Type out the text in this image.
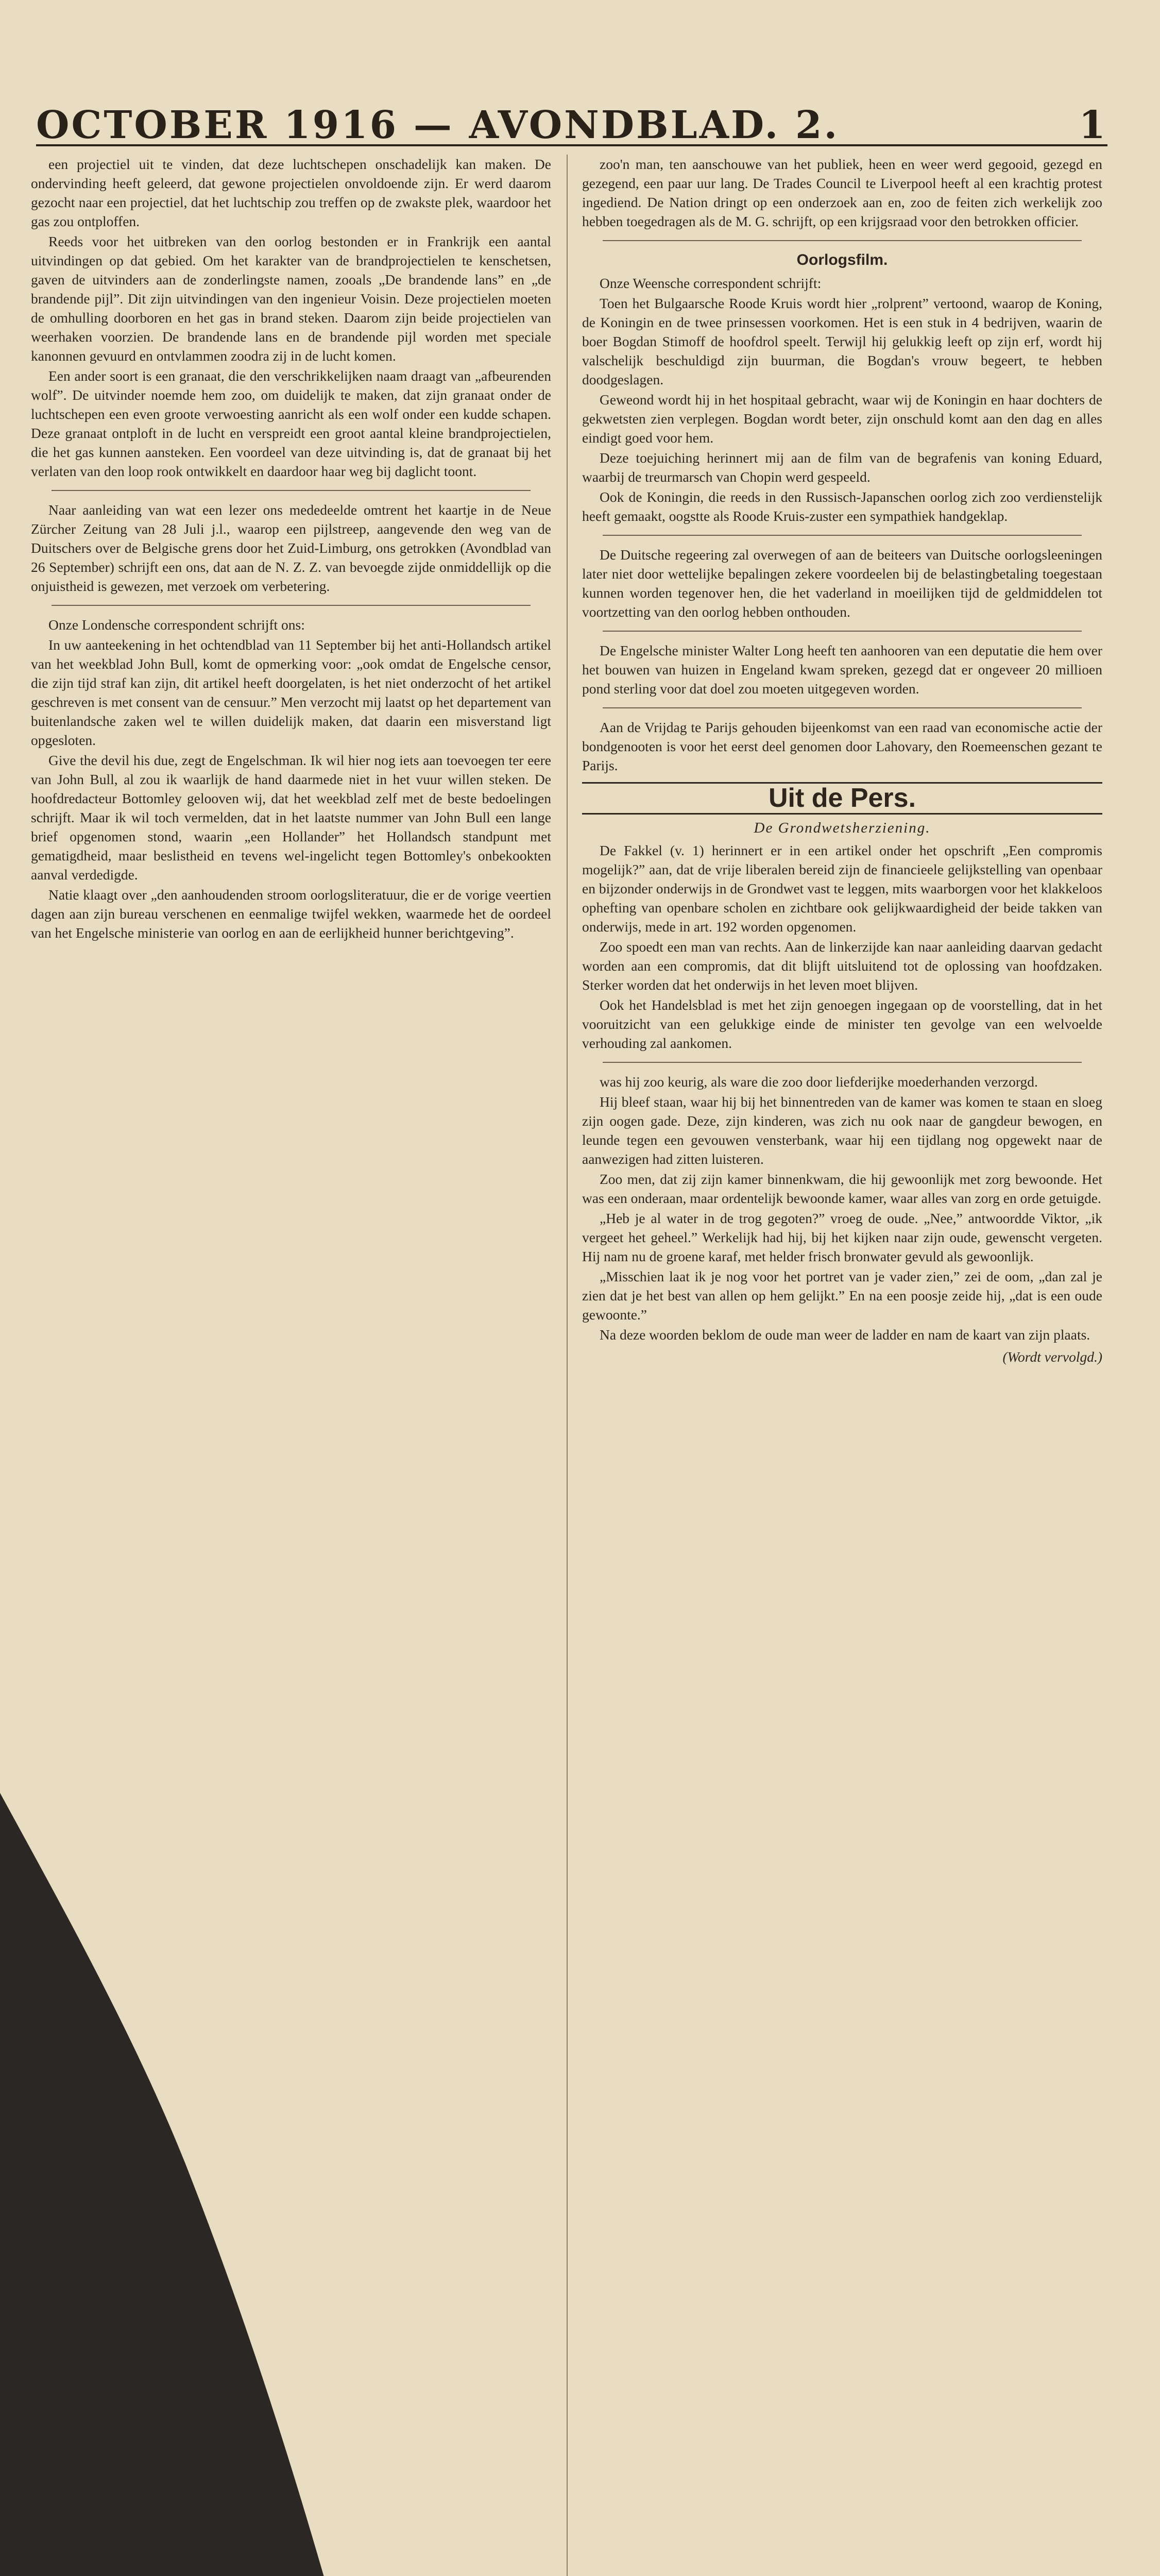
OCTOBER 1916 — AVONDBLAD. 2.	1

een projectiel uit te vinden, dat deze luchtschepen onschadelijk kan maken. De ondervinding heeft geleerd, dat gewone projectielen onvoldoende zijn. Er werd daarom gezocht naar een projectiel, dat het luchtschip zou treffen op de zwakste plek, waardoor het gas zou ontploffen.

Reeds voor het uitbreken van den oorlog bestonden er in Frankrijk een aantal uitvindingen op dat gebied. Om het karakter van de brandprojectielen te kenschetsen, gaven de uitvinders aan de zonderlingste namen, zooals „De brandende lans” en „de brandende pijl”. Dit zijn uitvindingen van den ingenieur Voisin. Deze projectielen moeten de omhulling doorboren en het gas in brand steken. Daarom zijn beide projectielen van weerhaken voorzien. De brandende lans en de brandende pijl worden met speciale kanonnen gevuurd en ontvlammen zoodra zij in de lucht komen.

Een ander soort is een granaat, die den verschrikkelijken naam draagt van „afbeurenden wolf”. De uitvinder noemde hem zoo, om duidelijk te maken, dat zijn granaat onder de luchtschepen een even groote verwoesting aanricht als een wolf onder een kudde schapen. Deze granaat ontploft in de lucht en verspreidt een groot aantal kleine brandprojectielen, die het gas kunnen aansteken. Een voordeel van deze uitvinding is, dat de granaat bij het verlaten van den loop rook ontwikkelt en daardoor haar weg bij daglicht toont.

Naar aanleiding van wat een lezer ons mededeelde omtrent het kaartje in de Neue Zürcher Zeitung van 28 Juli j.l., waarop een pijlstreep, aangevende den weg van de Duitschers over de Belgische grens door het Zuid-Limburg, ons getrokken (Avondblad van 26 September) schrijft een ons, dat aan de N. Z. Z. van bevoegde zijde onmiddellijk op die onjuistheid is gewezen, met verzoek om verbetering.

Onze Londensche correspondent schrijft ons:

In uw aanteekening in het ochtendblad van 11 September bij het anti-Hollandsch artikel van het weekblad John Bull, komt de opmerking voor: „ook omdat de Engelsche censor, die zijn tijd straf kan zijn, dit artikel heeft doorgelaten, is het niet onderzocht of het artikel geschreven is met consent van de censuur.” Men verzocht mij laatst op het departement van buitenlandsche zaken wel te willen duidelijk maken, dat daarin een misverstand ligt opgesloten.

Give the devil his due, zegt de Engelschman. Ik wil hier nog iets aan toevoegen ter eere van John Bull, al zou ik waarlijk de hand daarmede niet in het vuur willen steken. De hoofdredacteur Bottomley gelooven wij, dat het weekblad zelf met de beste bedoelingen schrijft. Maar ik wil toch vermelden, dat in het laatste nummer van John Bull een lange brief opgenomen stond, waarin „een Hollander” het Hollandsch standpunt met gematigdheid, maar beslistheid en tevens wel-ingelicht tegen Bottomley's onbekookten aanval verdedigde.

Natie klaagt over „den aanhoudenden stroom oorlogsliteratuur, die er de vorige veertien dagen aan zijn bureau verschenen en eenmalige twijfel wekken, waarmede het de oordeel van het Engelsche ministerie van oorlog en aan de eerlijkheid hunner berichtgeving”.

zoo'n man, ten aanschouwe van het publiek, heen en weer werd gegooid, gezegd en gezegend, een paar uur lang. De Trades Council te Liverpool heeft al een krachtig protest ingediend. De Nation dringt op een onderzoek aan en, zoo de feiten zich werkelijk zoo hebben toegedragen als de M. G. schrijft, op een krijgsraad voor den betrokken officier.

Oorlogsfilm.

Onze Weensche correspondent schrijft:

Toen het Bulgaarsche Roode Kruis wordt hier „rolprent” vertoond, waarop de Koning, de Koningin en de twee prinsessen voorkomen. Het is een stuk in 4 bedrijven, waarin de boer Bogdan Stimoff de hoofdrol speelt. Terwijl hij gelukkig leeft op zijn erf, wordt hij valschelijk beschuldigd zijn buurman, die Bogdan's vrouw begeert, te hebben doodgeslagen.

Geweond wordt hij in het hospitaal gebracht, waar wij de Koningin en haar dochters de gekwetsten zien verplegen. Bogdan wordt beter, zijn onschuld komt aan den dag en alles eindigt goed voor hem.

Deze toejuiching herinnert mij aan de film van de begrafenis van koning Eduard, waarbij de treurmarsch van Chopin werd gespeeld.

Ook de Koningin, die reeds in den Russisch-Japanschen oorlog zich zoo verdienstelijk heeft gemaakt, oogstte als Roode Kruis-zuster een sympathiek handgeklap.

De Duitsche regeering zal overwegen of aan de beiteers van Duitsche oorlogsleeningen later niet door wettelijke bepalingen zekere voordeelen bij de belastingbetaling toegestaan kunnen worden tegenover hen, die het vaderland in moeilijken tijd de geldmiddelen tot voortzetting van den oorlog hebben onthouden.

De Engelsche minister Walter Long heeft ten aanhooren van een deputatie die hem over het bouwen van huizen in Engeland kwam spreken, gezegd dat er ongeveer 20 millioen pond sterling voor dat doel zou moeten uitgegeven worden.

Aan de Vrijdag te Parijs gehouden bijeenkomst van een raad van economische actie der bondgenooten is voor het eerst deel genomen door Lahovary, den Roemeenschen gezant te Parijs.

Uit de Pers.
De Grondwetsherziening.

De Fakkel (v. 1) herinnert er in een artikel onder het opschrift „Een compromis mogelijk?” aan, dat de vrije liberalen bereid zijn de financieele gelijkstelling van openbaar en bijzonder onderwijs in de Grondwet vast te leggen, mits waarborgen voor het klakkeloos ophefting van openbare scholen en zichtbare ook gelijkwaardigheid der beide takken van onderwijs, mede in art. 192 worden opgenomen.

Zoo spoedt een man van rechts. Aan de linkerzijde kan naar aanleiding daarvan gedacht worden aan een compromis, dat dit blijft uitsluitend tot de oplossing van hoofdzaken. Sterker worden dat het onderwijs in het leven moet blijven.

Ook het Handelsblad is met het zijn genoegen ingegaan op de voorstelling, dat in het vooruitzicht van een gelukkige einde de minister ten gevolge van een welvoelde verhouding zal aankomen.

was hij zoo keurig, als ware die zoo door liefderijke moederhanden verzorgd.

Hij bleef staan, waar hij bij het binnentreden van de kamer was komen te staan en sloeg zijn oogen gade. Deze, zijn kinderen, was zich nu ook naar de gangdeur bewogen, en leunde tegen een gevouwen vensterbank, waar hij een tijdlang nog opgewekt naar de aanwezigen had zitten luisteren.

Zoo men, dat zij zijn kamer binnenkwam, die hij gewoonlijk met zorg bewoonde. Het was een onderaan, maar ordentelijk bewoonde kamer, waar alles van zorg en orde getuigde.

„Heb je al water in de trog gegoten?” vroeg de oude. „Nee,” antwoordde Viktor, „ik vergeet het geheel.” Werkelijk had hij, bij het kijken naar zijn oude, gewenscht vergeten. Hij nam nu de groene karaf, met helder frisch bronwater gevuld als gewoonlijk.

„Misschien laat ik je nog voor het portret van je vader zien,” zei de oom, „dan zal je zien dat je het best van allen op hem gelijkt.” En na een poosje zeide hij, „dat is een oude gewoonte.”

Na deze woorden beklom de oude man weer de ladder en nam de kaart van zijn plaats.

(Wordt vervolgd.)
